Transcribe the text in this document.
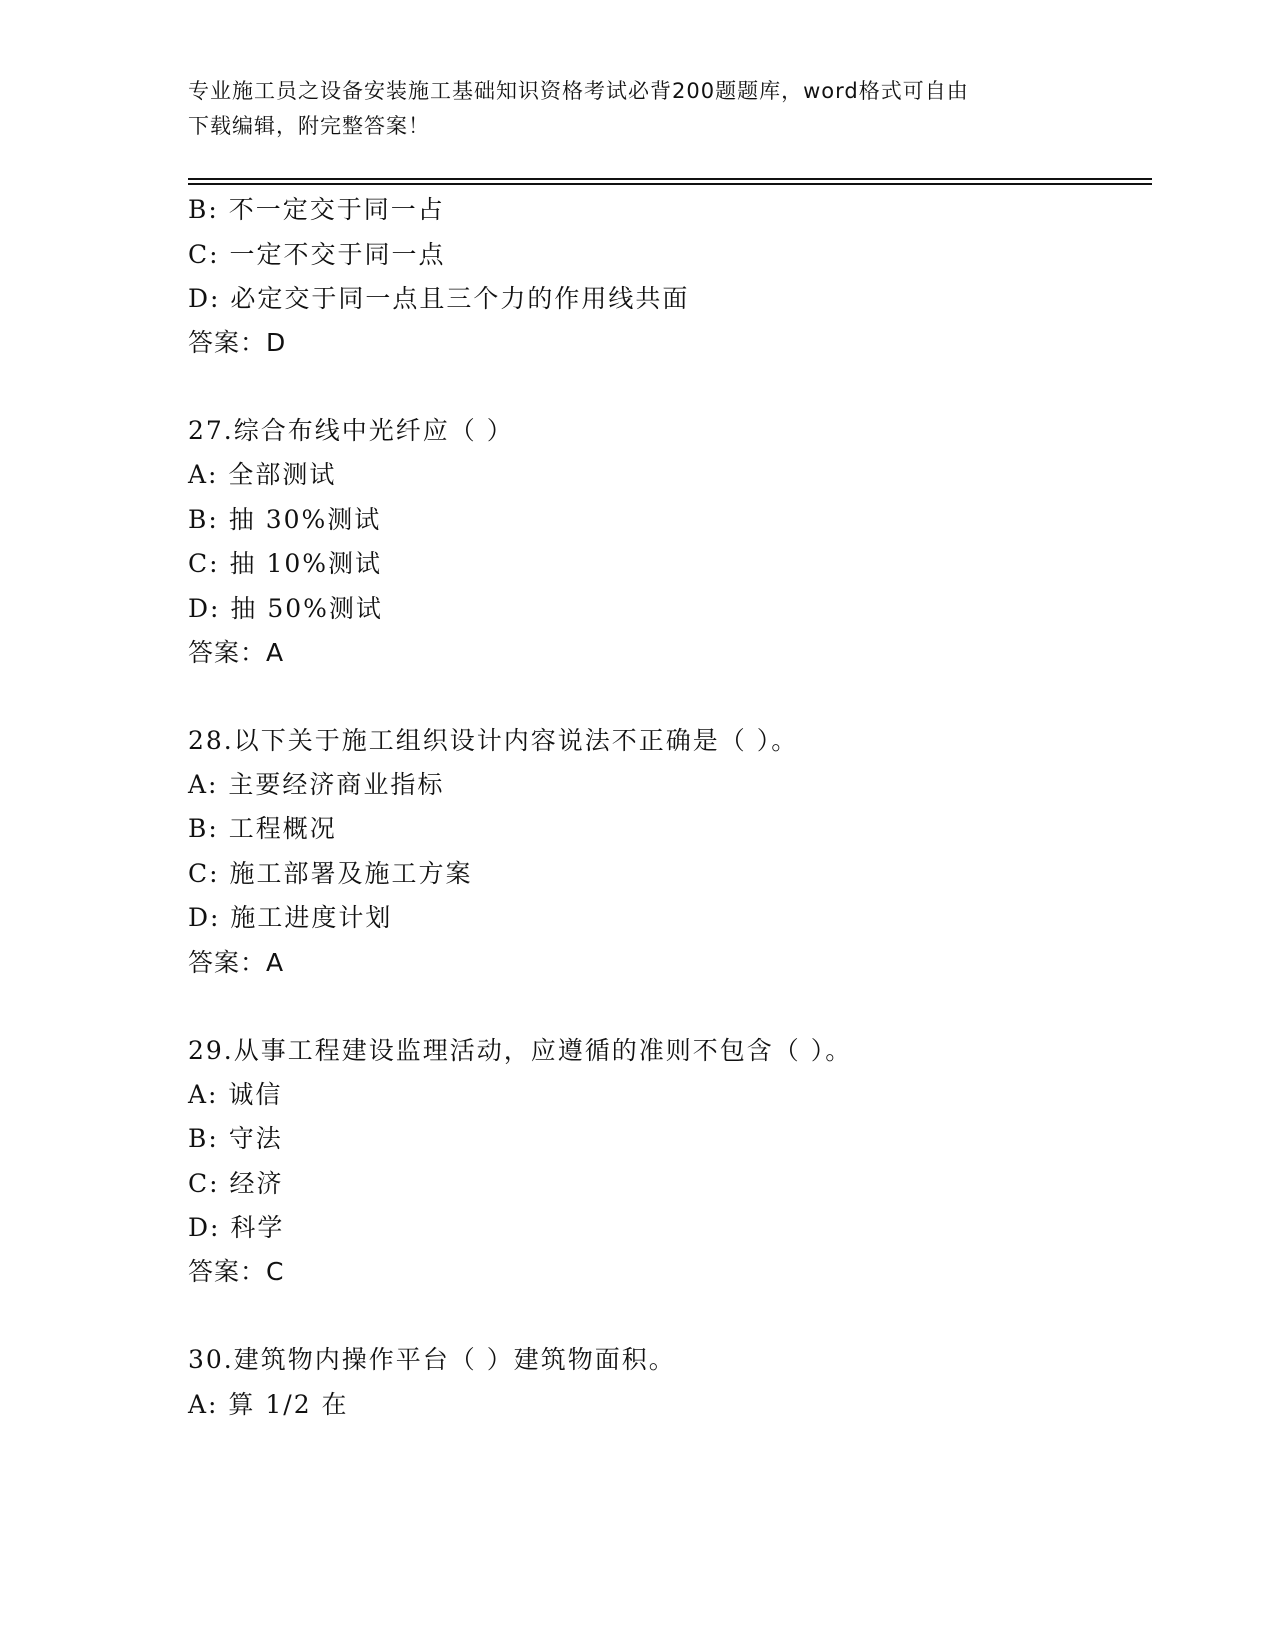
专业施工员之设备安装施工基础知识资格考试必背200题题库，word格式可自由
下载编辑，附完整答案！
B: 不一定交于同一占
C: 一定不交于同一点
D: 必定交于同一点且三个力的作用线共面
答案：D
27.综合布线中光纤应（ ）
A: 全部测试
B: 抽 30%测试
C: 抽 10%测试
D: 抽 50%测试
答案：A
28.以下关于施工组织设计内容说法不正确是（ ）。
A: 主要经济商业指标
B: 工程概况
C: 施工部署及施工方案
D: 施工进度计划
答案：A
29.从事工程建设监理活动，应遵循的准则不包含（ ）。
A: 诚信
B: 守法
C: 经济
D: 科学
答案：C
30.建筑物内操作平台（ ）建筑物面积。
A: 算 1/2 在
